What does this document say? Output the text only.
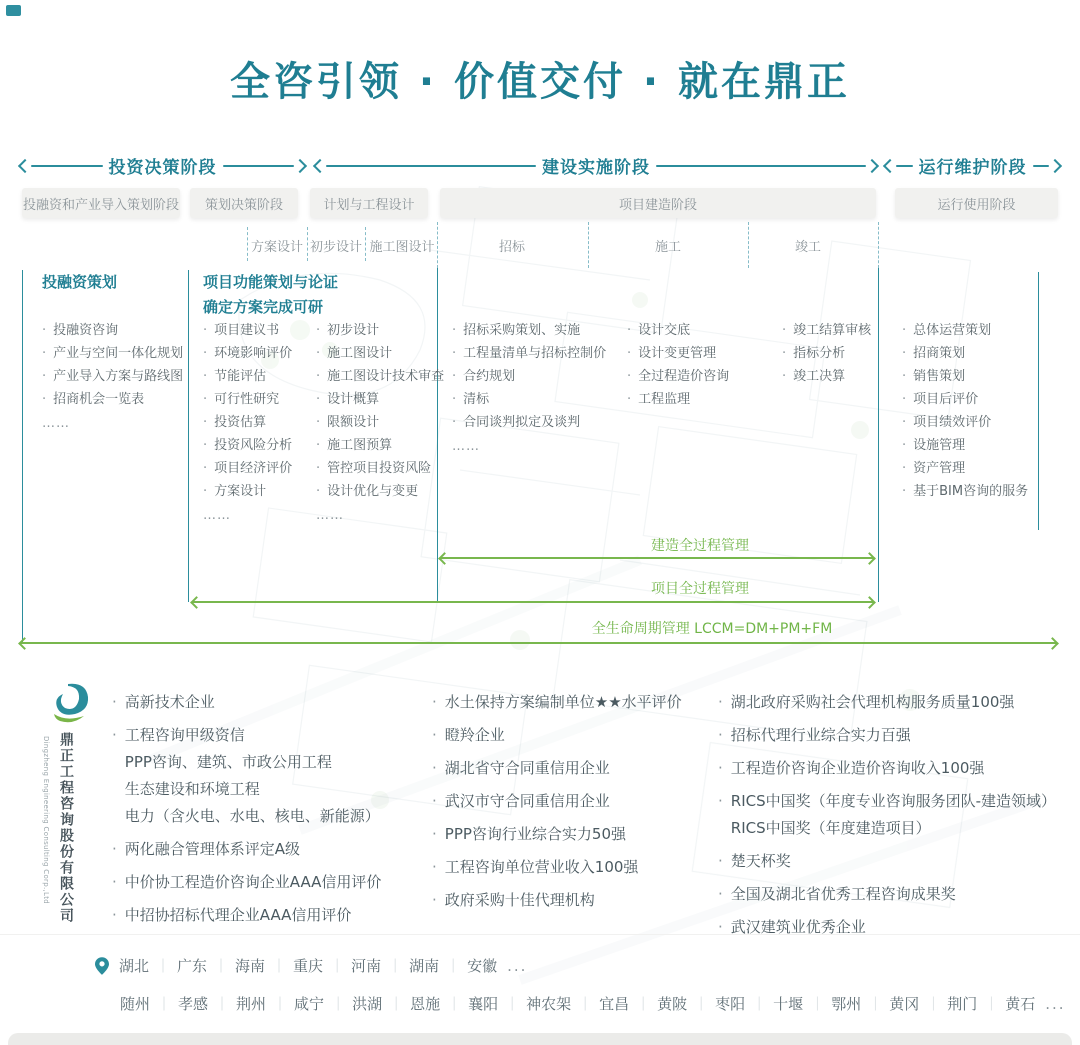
全咨引领 · 价值交付 · 就在鼎正
投资决策阶段	建设实施阶段	运行维护阶段
投融资和产业导入策划阶段	策划决策阶段	计划与工程设计	项目建造阶段	运行使用阶段
方案设计 初步设计 施工图设计	招标	施工	竣工
投融资策划
· 投融资咨询
· 产业与空间一体化规划
· 产业导入方案与路线图
· 招商机会一览表
……
项目功能策划与论证
确定方案完成可研
· 项目建议书
· 环境影响评价
· 节能评估
· 可行性研究
· 投资估算
· 投资风险分析
· 项目经济评价
· 方案设计
……
· 初步设计
· 施工图设计
· 施工图设计技术审查
· 设计概算
· 限额设计
· 施工图预算
· 管控项目投资风险
· 设计优化与变更
……
· 招标采购策划、实施
· 工程量清单与招标控制价
· 合约规划
· 清标
· 合同谈判拟定及谈判
……
· 设计交底
· 设计变更管理
· 全过程造价咨询
· 工程监理
· 竣工结算审核
· 指标分析
· 竣工决算
· 总体运营策划
· 招商策划
· 销售策划
· 项目后评价
· 项目绩效评价
· 设施管理
· 资产管理
· 基于BIM咨询的服务
建造全过程管理
项目全过程管理
全生命周期管理 LCCM=DM+PM+FM
Dingzheng Engineering Consulting Corp.,Ltd 鼎正工程咨询股份有限公司
· 高新技术企业
· 工程咨询甲级资信
PPP咨询、建筑、市政公用工程
生态建设和环境工程
电力（含火电、水电、核电、新能源）
· 两化融合管理体系评定A级
· 中价协工程造价咨询企业AAA信用评价
· 中招协招标代理企业AAA信用评价
· 水土保持方案编制单位★★水平评价
· 瞪羚企业
· 湖北省守合同重信用企业
· 武汉市守合同重信用企业
· PPP咨询行业综合实力50强
· 工程咨询单位营业收入100强
· 政府采购十佳代理机构
· 湖北政府采购社会代理机构服务质量100强
· 招标代理行业综合实力百强
· 工程造价咨询企业造价咨询收入100强
· RICS中国奖（年度专业咨询服务团队-建造领域）
RICS中国奖（年度建造项目）
· 楚天杯奖
· 全国及湖北省优秀工程咨询成果奖
· 武汉建筑业优秀企业
湖北 ｜ 广东 ｜ 海南 ｜ 重庆 ｜ 河南 ｜ 湖南 ｜ 安徽 ...
随州 ｜ 孝感 ｜ 荆州 ｜ 咸宁 ｜ 洪湖 ｜ 恩施 ｜ 襄阳 ｜ 神农架 ｜ 宜昌 ｜ 黄陂 ｜ 枣阳 ｜ 十堰 ｜ 鄂州 ｜ 黄冈 ｜ 荆门 ｜ 黄石 ...
